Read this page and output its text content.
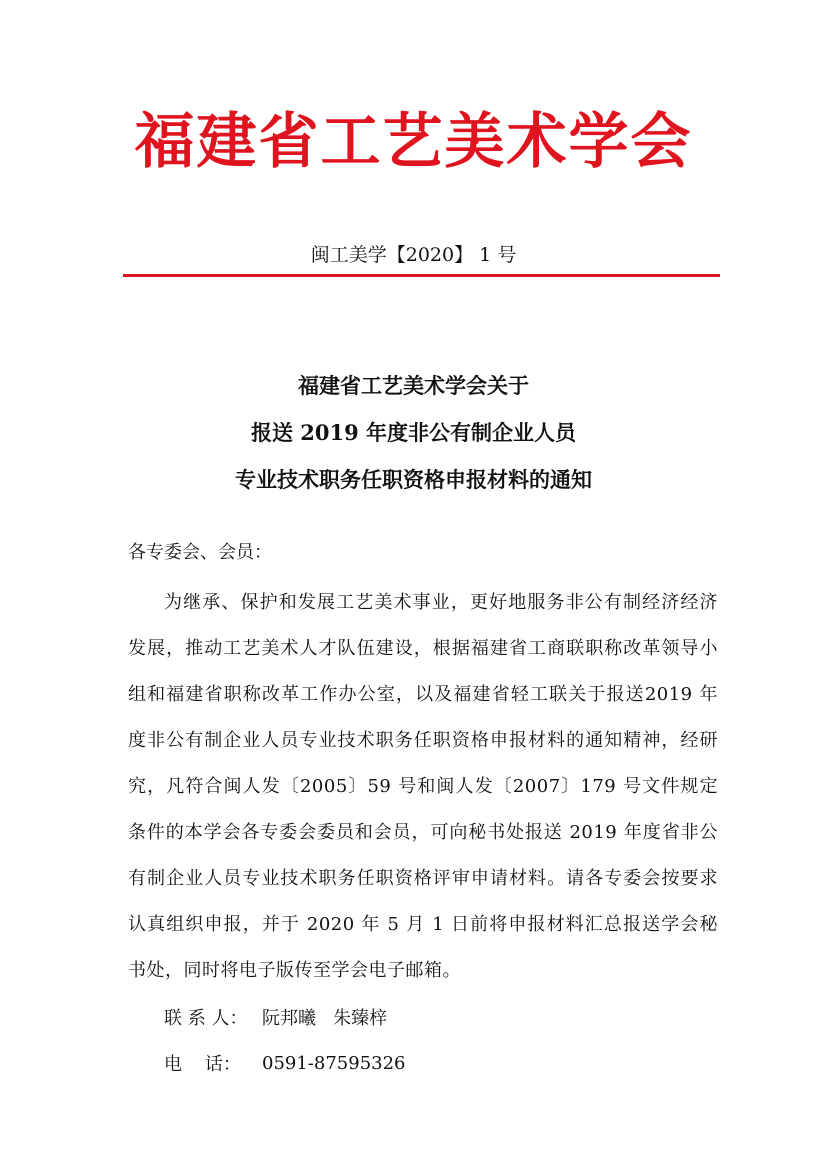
福建省工艺美术学会
闽工美学【2020】 1 号
福建省工艺美术学会关于
报送 2019 年度非公有制企业人员
专业技术职务任职资格申报材料的通知
各专委会、会员：
为继承、保护和发展工艺美术事业，更好地服务非公有制经济经济发展，推动工艺美术人才队伍建设，根据福建省工商联职称改革领导小组和福建省职称改革工作办公室，以及福建省轻工联关于报送2019 年度非公有制企业人员专业技术职务任职资格申报材料的通知精神，经研究，凡符合闽人发〔2005〕59 号和闽人发〔2007〕179 号文件规定条件的本学会各专委会委员和会员，可向秘书处报送 2019 年度省非公有制企业人员专业技术职务任职资格评审申请材料。请各专委会按要求认真组织申报，并于 2020 年 5 月 1 日前将申报材料汇总报送学会秘书处，同时将电子版传至学会电子邮箱。
联 系 人： 阮邦曦   朱臻梓
电    话：	0591-87595326
